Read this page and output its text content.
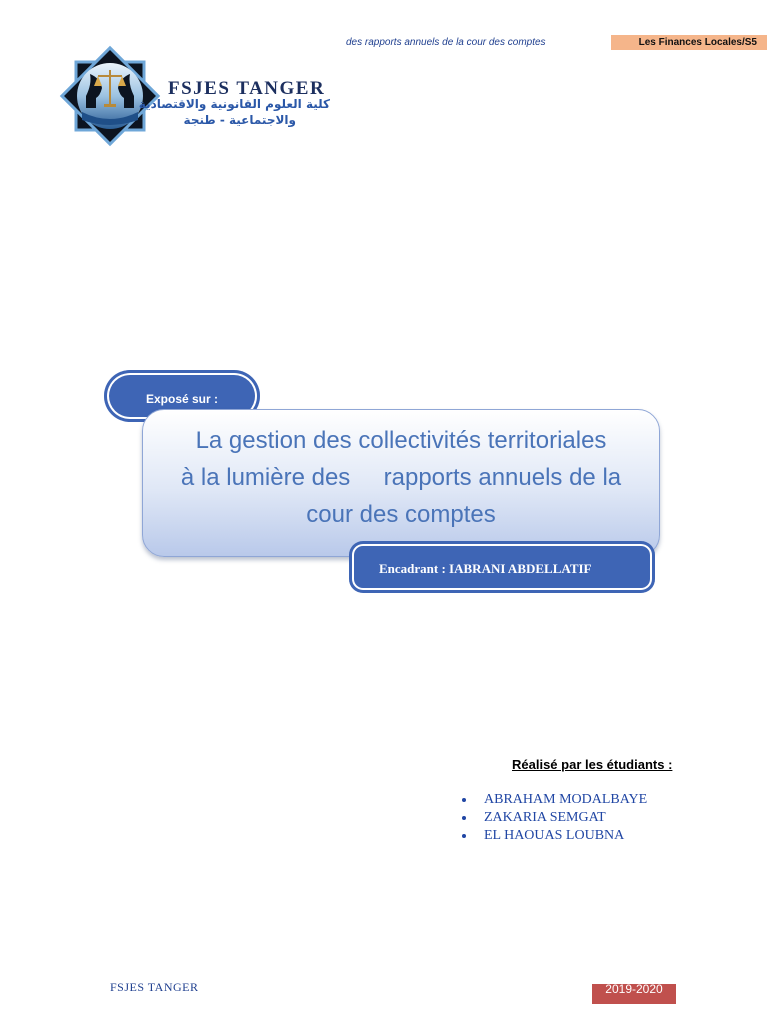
des rapports annuels de la cour des comptes	Les Finances Locales/S5
FSJES TANGER
كلية العلوم القانونية والاقتصادية
والاجتماعية - طنجة
Exposé sur :
La gestion des collectivités territoriales
à la lumière des     rapports annuels de la
cour des comptes
Encadrant : IABRANI ABDELLATIF
Réalisé par les étudiants :
ABRAHAM MODALBAYE
ZAKARIA SEMGAT
EL HAOUAS LOUBNA
FSJES TANGER	2019-2020
